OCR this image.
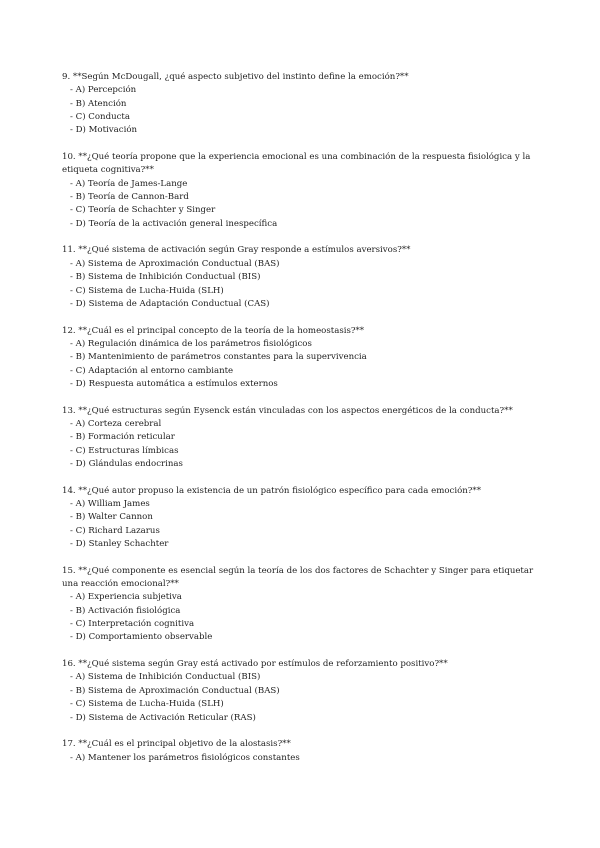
9. **Según McDougall, ¿qué aspecto subjetivo del instinto define la emoción?**
- A) Percepción
- B) Atención
- C) Conducta
- D) Motivación
10. **¿Qué teoría propone que la experiencia emocional es una combinación de la respuesta fisiológica y la etiqueta cognitiva?**
- A) Teoría de James-Lange
- B) Teoría de Cannon-Bard
- C) Teoría de Schachter y Singer
- D) Teoría de la activación general inespecífica
11. **¿Qué sistema de activación según Gray responde a estímulos aversivos?**
- A) Sistema de Aproximación Conductual (BAS)
- B) Sistema de Inhibición Conductual (BIS)
- C) Sistema de Lucha-Huida (SLH)
- D) Sistema de Adaptación Conductual (CAS)
12. **¿Cuál es el principal concepto de la teoría de la homeostasis?**
- A) Regulación dinámica de los parámetros fisiológicos
- B) Mantenimiento de parámetros constantes para la supervivencia
- C) Adaptación al entorno cambiante
- D) Respuesta automática a estímulos externos
13. **¿Qué estructuras según Eysenck están vinculadas con los aspectos energéticos de la conducta?**
- A) Corteza cerebral
- B) Formación reticular
- C) Estructuras límbicas
- D) Glándulas endocrinas
14. **¿Qué autor propuso la existencia de un patrón fisiológico específico para cada emoción?**
- A) William James
- B) Walter Cannon
- C) Richard Lazarus
- D) Stanley Schachter
15. **¿Qué componente es esencial según la teoría de los dos factores de Schachter y Singer para etiquetar una reacción emocional?**
- A) Experiencia subjetiva
- B) Activación fisiológica
- C) Interpretación cognitiva
- D) Comportamiento observable
16. **¿Qué sistema según Gray está activado por estímulos de reforzamiento positivo?**
- A) Sistema de Inhibición Conductual (BIS)
- B) Sistema de Aproximación Conductual (BAS)
- C) Sistema de Lucha-Huida (SLH)
- D) Sistema de Activación Reticular (RAS)
17. **¿Cuál es el principal objetivo de la alostasis?**
- A) Mantener los parámetros fisiológicos constantes
